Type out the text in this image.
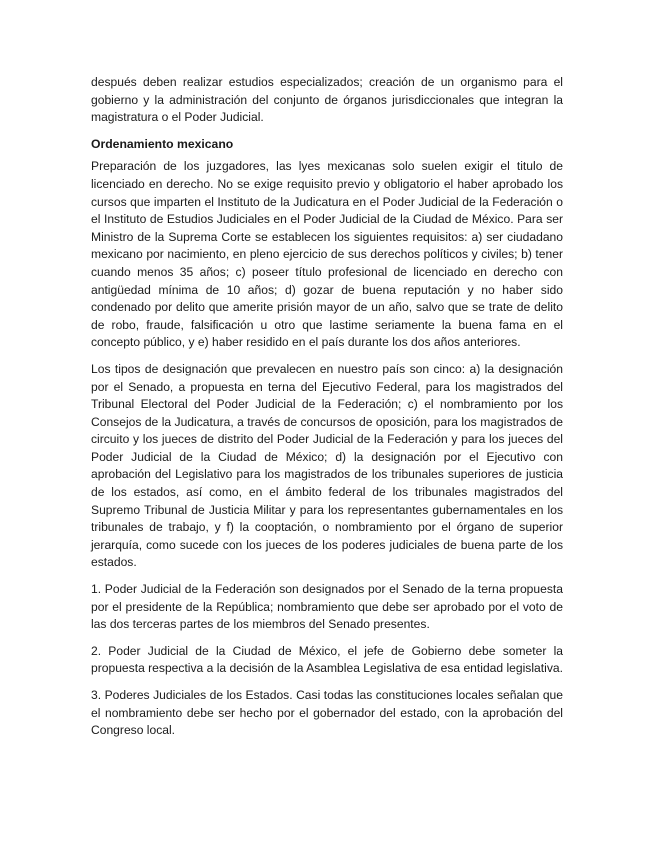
después deben realizar estudios especializados; creación de un organismo para el gobierno y la administración del conjunto de órganos jurisdiccionales que integran la magistratura o el Poder Judicial.

Ordenamiento mexicano

Preparación de los juzgadores, las lyes mexicanas solo suelen exigir el titulo de licenciado en derecho. No se exige requisito previo y obligatorio el haber aprobado los cursos que imparten el Instituto de la Judicatura en el Poder Judicial de la Federación o el Instituto de Estudios Judiciales en el Poder Judicial de la Ciudad de México. Para ser Ministro de la Suprema Corte se establecen los siguientes requisitos: a) ser ciudadano mexicano por nacimiento, en pleno ejercicio de sus derechos políticos y civiles; b) tener cuando menos 35 años; c) poseer título profesional de licenciado en derecho con antigüedad mínima de 10 años; d) gozar de buena reputación y no haber sido condenado por delito que amerite prisión mayor de un año, salvo que se trate de delito de robo, fraude, falsificación u otro que lastime seriamente la buena fama en el concepto público, y e) haber residido en el país durante los dos años anteriores.

Los tipos de designación que prevalecen en nuestro país son cinco: a) la designación por el Senado, a propuesta en terna del Ejecutivo Federal, para los magistrados del Tribunal Electoral del Poder Judicial de la Federación; c) el nombramiento por los Consejos de la Judicatura, a través de concursos de oposición, para los magistrados de circuito y los jueces de distrito del Poder Judicial de la Federación y para los jueces del Poder Judicial de la Ciudad de México; d) la designación por el Ejecutivo con aprobación del Legislativo para los magistrados de los tribunales superiores de justicia de los estados, así como, en el ámbito federal de los tribunales magistrados del Supremo Tribunal de Justicia Militar y para los representantes gubernamentales en los tribunales de trabajo, y f) la cooptación, o nombramiento por el órgano de superior jerarquía, como sucede con los jueces de los poderes judiciales de buena parte de los estados.

1. Poder Judicial de la Federación son designados por el Senado de la terna propuesta por el presidente de la República; nombramiento que debe ser aprobado por el voto de las dos terceras partes de los miembros del Senado presentes.

2. Poder Judicial de la Ciudad de México, el jefe de Gobierno debe someter la propuesta respectiva a la decisión de la Asamblea Legislativa de esa entidad legislativa.

3. Poderes Judiciales de los Estados. Casi todas las constituciones locales señalan que el nombramiento debe ser hecho por el gobernador del estado, con la aprobación del Congreso local.
